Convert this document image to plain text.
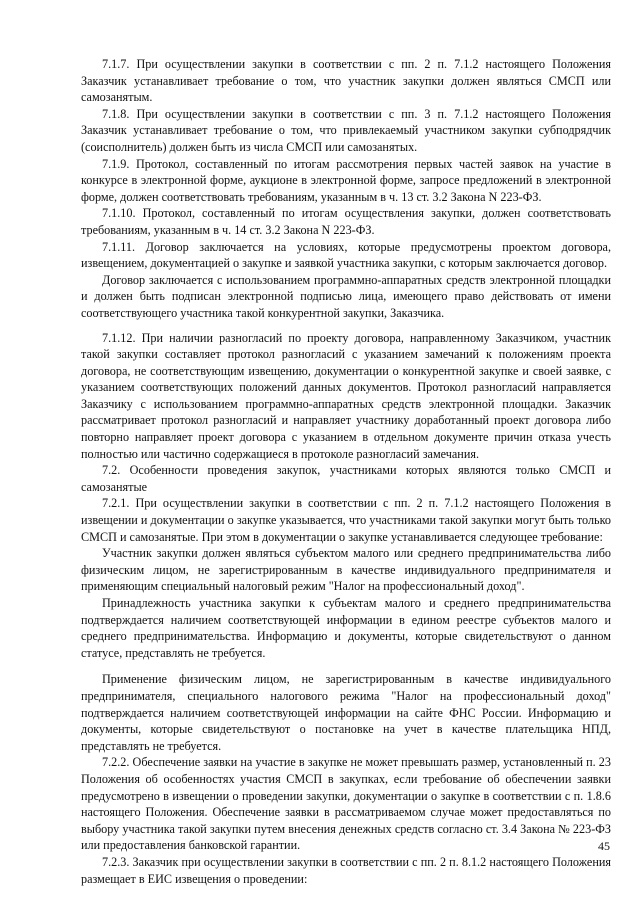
7.1.7. При осуществлении закупки в соответствии с пп. 2 п. 7.1.2 настоящего Положения Заказчик устанавливает требование о том, что участник закупки должен являться СМСП или самозанятым.

7.1.8. При осуществлении закупки в соответствии с пп. 3 п. 7.1.2 настоящего Положения Заказчик устанавливает требование о том, что привлекаемый участником закупки субподрядчик (соисполнитель) должен быть из числа СМСП или самозанятых.

7.1.9. Протокол, составленный по итогам рассмотрения первых частей заявок на участие в конкурсе в электронной форме, аукционе в электронной форме, запросе предложений в электронной форме, должен соответствовать требованиям, указанным в ч. 13 ст. 3.2 Закона N 223-ФЗ.

7.1.10. Протокол, составленный по итогам осуществления закупки, должен соответствовать требованиям, указанным в ч. 14 ст. 3.2 Закона N 223-ФЗ.

7.1.11. Договор заключается на условиях, которые предусмотрены проектом договора, извещением, документацией о закупке и заявкой участника закупки, с которым заключается договор.

Договор заключается с использованием программно-аппаратных средств электронной площадки и должен быть подписан электронной подписью лица, имеющего право действовать от имени соответствующего участника такой конкурентной закупки, Заказчика.

7.1.12. При наличии разногласий по проекту договора, направленному Заказчиком, участник такой закупки составляет протокол разногласий с указанием замечаний к положениям проекта договора, не соответствующим извещению, документации о конкурентной закупке и своей заявке, с указанием соответствующих положений данных документов. Протокол разногласий направляется Заказчику с использованием программно-аппаратных средств электронной площадки. Заказчик рассматривает протокол разногласий и направляет участнику доработанный проект договора либо повторно направляет проект договора с указанием в отдельном документе причин отказа учесть полностью или частично содержащиеся в протоколе разногласий замечания.

7.2. Особенности проведения закупок, участниками которых являются только СМСП и самозанятые

7.2.1. При осуществлении закупки в соответствии с пп. 2 п. 7.1.2 настоящего Положения в извещении и документации о закупке указывается, что участниками такой закупки могут быть только СМСП и самозанятые. При этом в документации о закупке устанавливается следующее требование:

Участник закупки должен являться субъектом малого или среднего предпринимательства либо физическим лицом, не зарегистрированным в качестве индивидуального предпринимателя и применяющим специальный налоговый режим "Налог на профессиональный доход".

Принадлежность участника закупки к субъектам малого и среднего предпринимательства подтверждается наличием соответствующей информации в едином реестре субъектов малого и среднего предпринимательства. Информацию и документы, которые свидетельствуют о данном статусе, представлять не требуется.

Применение физическим лицом, не зарегистрированным в качестве индивидуального предпринимателя, специального налогового режима "Налог на профессиональный доход" подтверждается наличием соответствующей информации на сайте ФНС России. Информацию и документы, которые свидетельствуют о постановке на учет в качестве плательщика НПД, представлять не требуется.

7.2.2. Обеспечение заявки на участие в закупке не может превышать размер, установленный п. 23 Положения об особенностях участия СМСП в закупках, если требование об обеспечении заявки предусмотрено в извещении о проведении закупки, документации о закупке в соответствии с п. 1.8.6 настоящего Положения. Обеспечение заявки в рассматриваемом случае может предоставляться по выбору участника такой закупки путем внесения денежных средств согласно ст. 3.4 Закона № 223-ФЗ или предоставления банковской гарантии.

7.2.3. Заказчик при осуществлении закупки в соответствии с пп. 2 п. 8.1.2 настоящего Положения размещает в ЕИС извещения о проведении:

45
